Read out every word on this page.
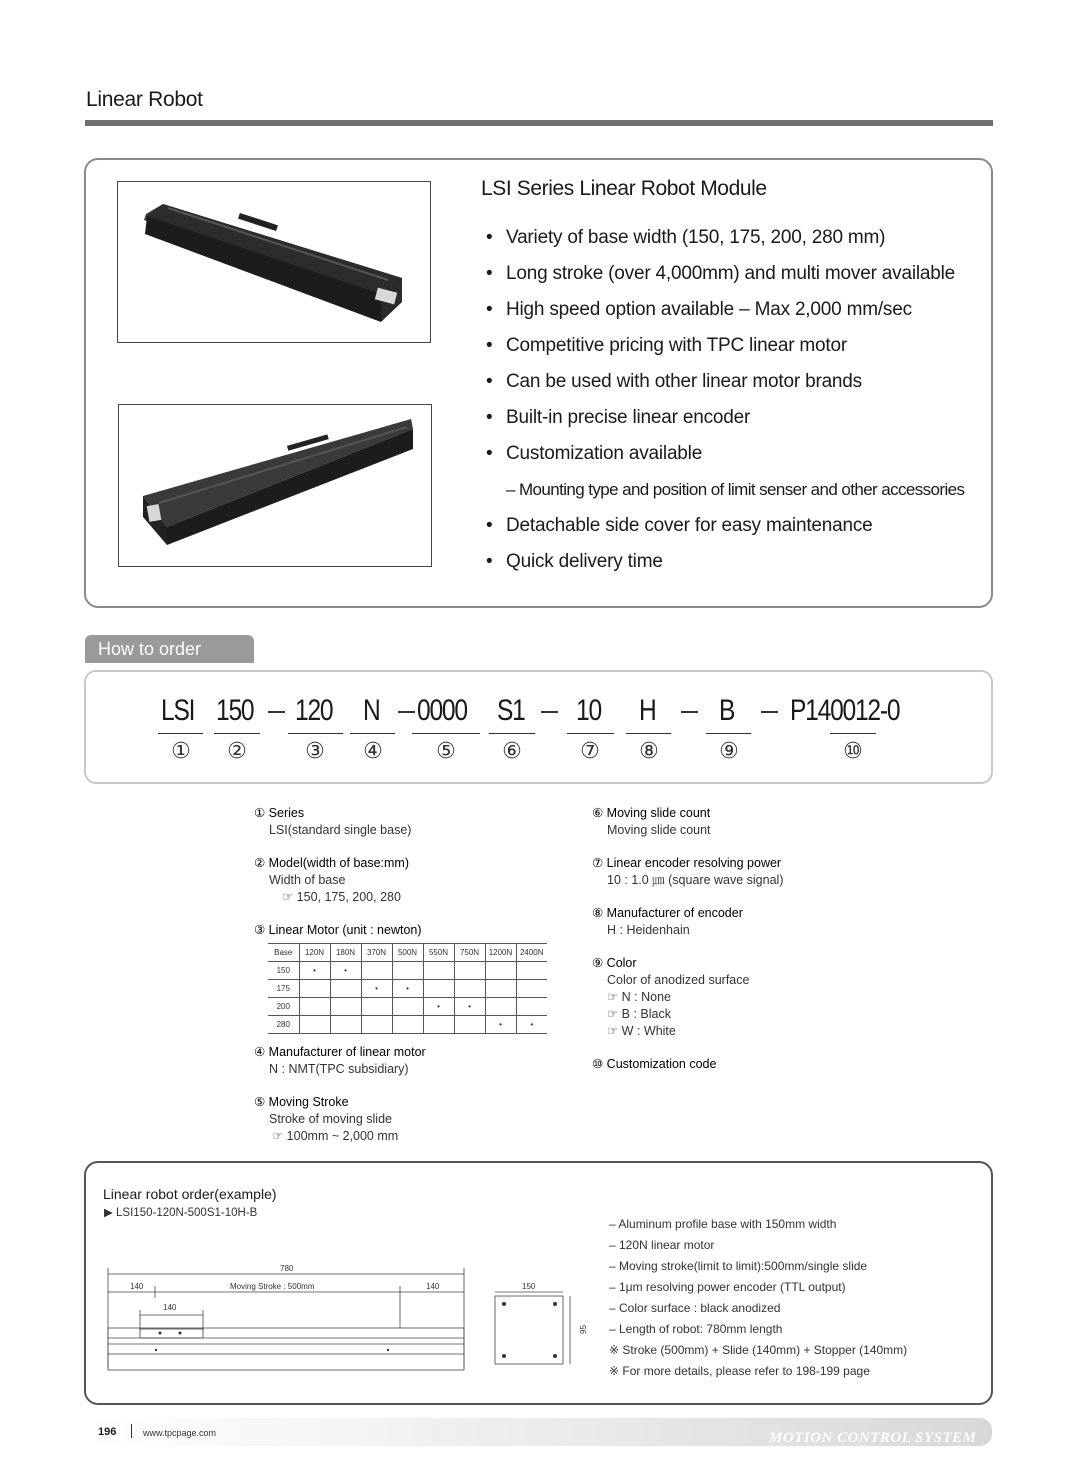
Linear Robot
LSI Series Linear Robot Module
• Variety of base width (150, 175, 200, 280 mm)
• Long stroke (over 4,000mm) and multi mover available
• High speed option available – Max 2,000 mm/sec
• Competitive pricing with TPC linear motor
• Can be used with other linear motor brands
• Built-in precise linear encoder
• Customization available
– Mounting type and position of limit senser and other accessories
• Detachable side cover for easy maintenance
• Quick delivery time
How to order
LSI 150 120 N 0000 S1 10 H B P140012-0
① ②	③ ④ ⑤ ⑥	⑦ ⑧	⑨	⑩
① Series
LSI(standard single base)
② Model(width of base:mm)
Width of base
☞ 150, 175, 200, 280
③ Linear Motor (unit : newton)
Base	120N	180N	370N	500N	550N	750N	1200N	2400N
150	•	•						
175			•	•				
200					•	•		
280							•	•
④ Manufacturer of linear motor
N : NMT(TPC subsidiary)
⑤ Moving Stroke
Stroke of moving slide
☞ 100mm ~ 2,000 mm
⑥ Moving slide count
Moving slide count
⑦ Linear encoder resolving power
10 : 1.0 ㎛ (square wave signal)
⑧ Manufacturer of encoder
H : Heidenhain
⑨ Color
Color of anodized surface
☞ N : None
☞ B : Black
☞ W : White
⑩ Customization code
Linear robot order(example)
▶ LSI150-120N-500S1-10H-B
780
140	Moving Stroke : 500mm	140
140
150
95
– Aluminum profile base with 150mm width
– 120N linear motor
– Moving stroke(limit to limit):500mm/single slide
– 1μm resolving power encoder (TTL output)
– Color surface : black anodized
– Length of robot: 780mm length
※ Stroke (500mm) + Slide (140mm) + Stopper (140mm)
※ For more details, please refer to 198-199 page
196	www.tpcpage.com	MOTION CONTROL SYSTEM
